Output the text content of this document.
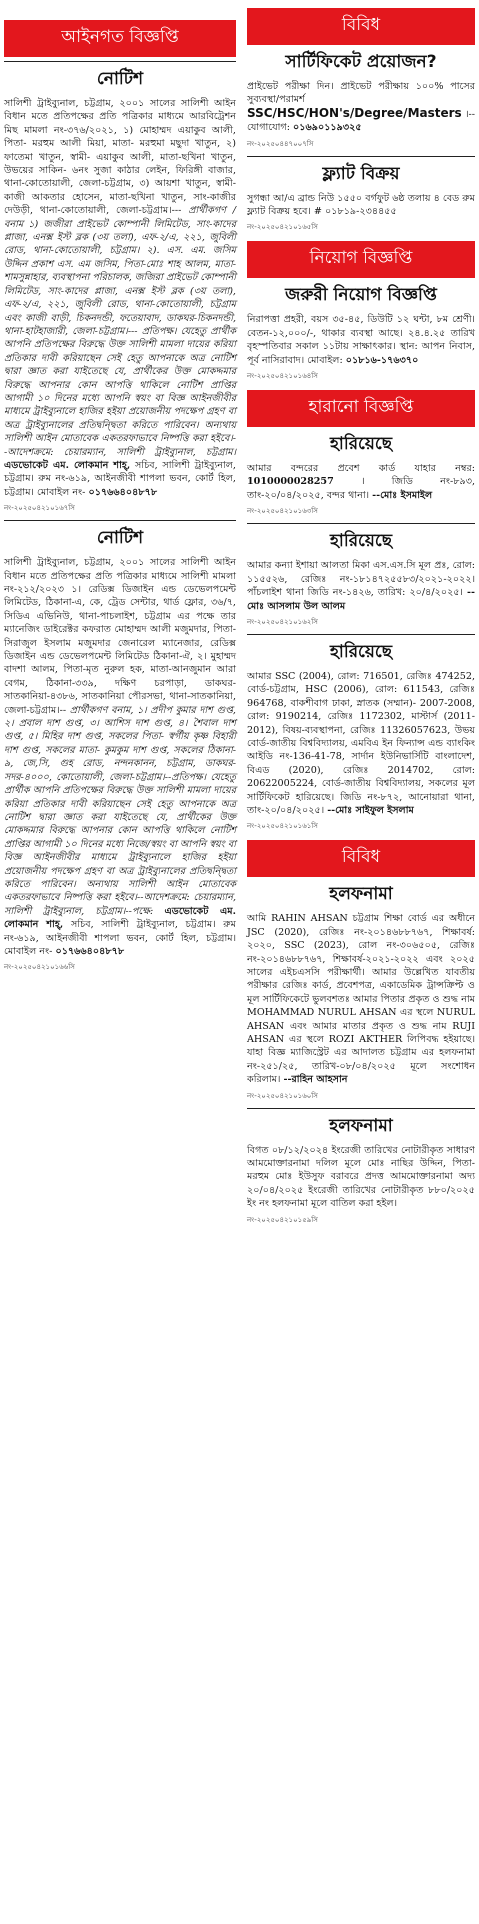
আইনগত বিজ্ঞপ্তি
নোটিশ

সালিশী ট্রাইব্যুনাল, চট্টগ্রাম, ২০০১ সালের সালিশী আইন বিধান মতে প্রতিপক্ষের প্রতি পত্রিকার মাধ্যমে আরবিট্রেশন মিছ মামলা নং-৩৭৬/২০২১, ১) মোহাম্মদ এয়াকুব আলী, পিতা- মরহুম আলী মিয়া, মাতা- মরহুমা মছুদা খাতুন, ২) ফাতেমা খাতুন, স্বামী- এয়াকুব আলী, মাতা-ছখিনা খাতুন, উভয়ের সাকিন- ৬নং সুজা কাঠার লেইন, ফিরিঙ্গী বাজার, থানা-কোতোয়ালী, জেলা-চট্টগ্রাম, ৩) আয়শা খাতুন, স্বামী- কাজী আকতার হোসেন, মাতা-ছখিনা খাতুন, সাং-কাজীর দেউড়ী, থানা-কোতোয়ালী, জেলা-চট্টগ্রাম।--- প্রার্থীকগণ / বনাম ১) জজীরা প্রাইভেট কোম্পানী লিমিটেড, সাং-কাদের প্লাজা, এনক্স ইস্ট ব্লক (৩য় তলা), এফ-২/এ, ২২১, জুবিলী রোড, থানা-কোতোয়ালী, চট্টগ্রাম। ২). এস. এম. জসিম উদ্দিন প্রকাশ এস. এম জসিম, পিতা-মোঃ শাহ আলম, মাতা-শামসুন্নাহার, ব্যবস্থাপনা পরিচালক, জজিরা প্রাইভেট কোম্পানী লিমিটেড, সাং-কাদের প্লাজা, এনক্স ইস্ট ব্লক (৩য় তলা), এফ-২/এ, ২২১, জুবিলী রোড, থানা-কোতোয়ালী, চট্টগ্রাম এবং কাজী বাড়ী, চিকনদন্ডী, ফতেয়াবাদ, ডাকঘর-চিকনদন্ডী, থানা-হাটহাজারী, জেলা-চট্টগ্রাম।--- প্রতিপক্ষ। যেহেতু প্রার্থীক আপনি প্রতিপক্ষের বিরুদ্ধে উক্ত সালিশী মামলা দায়ের করিয়া প্রতিকার দাবী করিয়াছেন সেই হেতু আপনাকে অত্র নোটিশ দ্বারা জ্ঞাত করা যাইতেছে যে, প্রার্থীকের উক্ত মোকদ্দমার বিরুদ্ধে আপনার কোন আপত্তি থাকিলে নোটিশ প্রাপ্তির আগামী ১০ দিনের মধ্যে আপনি স্বয়ং বা বিজ্ঞ আইনজীবীর মাধ্যমে ট্রাইব্যুনালে হাজির হইয়া প্রয়োজনীয় পদক্ষেপ গ্রহণ বা অত্র ট্রাইব্যুনালের প্রতিদ্বন্দ্বিতা করিতে পারিবেন। অন্যথায় সালিশী আইন মোতাবেক একতরফাভাবে নিষ্পত্তি করা হইবে।--আদেশক্রমে: চেয়ারম্যান, সালিশী ট্রাইব্যুনাল, চট্টগ্রাম। এডভোকেট এম. লোকমান শাহ্, সচিব, সালিশী ট্রাইব্যুনাল, চট্টগ্রাম। রুম নং-৬১৯, আইনজীবী শাপলা ভবন, কোর্ট হিল, চট্টগ্রাম। মোবাইল নং- ০১৭৬৬৪০৪৮৭৮

নং-২০২৫০৪২১০১৬৭সি
নোটিশ

সালিশী ট্রাইব্যুনাল, চট্টগ্রাম, ২০০১ সালের সালিশী আইন বিধান মতে প্রতিপক্ষের প্রতি পত্রিকার মাধ্যমে সালিশী মামলা নং-২১২/২০২৩ ১। রেডিক্স ডিজাইন এন্ড ডেভেলপমেন্ট লিমিটেড, ঠিকানা-এ, কে, ট্রেড সেন্টার, থার্ড ফ্লোর, ৩৬/৭, সিডিএ এভিনিউ, থানা-পাচলাইশ, চট্টগ্রাম এর পক্ষে তার ম্যানেজিং ডাইরেক্টর কফরাত মোহাম্মদ আলী মজুমদার, পিতা-সিরাজুল ইসলাম মজুমদার জেনারেল ম্যানেজার, রেডিক্স ডিজাইন এন্ড ডেভেলপমেন্ট লিমিটেড ঠিকানা-ঐ, ২। মুহাম্মদ বাদশা আলম, পিতা-মৃত নুরুল হক, মাতা-আনজুমান আরা বেগম, ঠিকানা-৩৩৯, দক্ষিণ চরপাড়া, ডাকঘর-সাতকানিয়া-৪৩৮৬, সাতকানিয়া পৌরসভা, থানা-সাতকানিয়া, জেলা-চট্টগ্রাম।-- প্রার্থীকগণ বনাম, ১। প্রদীপ কুমার দাশ গুপ্ত, ২। প্রবাল দাশ গুপ্ত, ৩। আশিস দাশ গুপ্ত, ৪। শৈবাল দাশ গুপ্ত, ৫। মিহির দাশ গুপ্ত, সকলের পিতা- স্বর্গীয় কৃষ্ণ বিহারী দাশ গুপ্ত, সকলের মাতা- কুমকুম দাশ গুপ্ত, সকলের ঠিকানা- ৯, জে,সি, গুহ রোড, নন্দনকানন, চট্টগ্রাম, ডাকঘর-সদর-৪০০০, কোতোয়ালী, জেলা-চট্টগ্রাম।--প্রতিপক্ষ। যেহেতু প্রার্থীক আপনি প্রতিপক্ষের বিরুদ্ধে উক্ত সালিশী মামলা দায়ের করিয়া প্রতিকার দাবী করিয়াছেন সেই হেতু আপনাকে অত্র নোটিশ দ্বারা জ্ঞাত করা যাইতেছে যে, প্রার্থীকের উক্ত মোকদ্দমার বিরুদ্ধে আপনার কোন আপত্তি থাকিলে নোটিশ প্রাপ্তির আগামী ১০ দিনের মধ্যে নিজে/স্বয়ং বা আপনি স্বয়ং বা বিজ্ঞ আইনজীবীর মাধ্যমে ট্রাইব্যুনালে হাজির হইয়া প্রয়োজনীয় পদক্ষেপ গ্রহণ বা অত্র ট্রাইব্যুনালের প্রতিদ্বন্দ্বিতা করিতে পারিবেন। অন্যথায় সালিশী আইন মোতাবেক একতরফাভাবে নিষ্পত্তি করা হইবে।--আদেশক্রমে: চেয়ারম্যান, সালিশী ট্রাইব্যুনাল, চট্টগ্রাম।--পক্ষে: এডভোকেট এম. লোকমান শাহ্, সচিব, সালিশী ট্রাইব্যুনাল, চট্টগ্রাম। রুম নং-৬১৯, আইনজীবী শাপলা ভবন, কোর্ট হিল, চট্টগ্রাম। মোবাইল নং- ০১৭৬৬৪০৪৮৭৮

নং-২০২৫০৪২১০১৬৬সি
বিবিধ
সার্টিফিকেট প্রয়োজন?

প্রাইভেট পরীক্ষা দিন। প্রাইভেট পরীক্ষায় ১০০% পাসের সুব্যবস্থা/পরামর্শ SSC/HSC/HON's/Degree/Masters ।--যোগাযোগ: ০১৬৯০১১৯৩২৫

নং-২০২৫০৪৪৭০০৭সি
ফ্ল্যাট বিক্রয়

সুগন্ধা আ/এ ব্রান্ড নিউ ১৫৫০ বর্গফুট ৬ষ্ঠ তলায় ৪ বেড রুম ফ্ল্যাট বিক্রয় হবে। # ০১৮১৯-২৩৪৪৫৫

নং-২০২৫০৪২১০১৬৫সি
নিয়োগ বিজ্ঞপ্তি
জরুরী নিয়োগ বিজ্ঞপ্তি

নিরাপত্তা প্রহরী, বয়স ৩৫-৪৫, ডিউটি ১২ ঘন্টা, ৮ম শ্রেণী। বেতন-১২,০০০/-, থাকার ব্যবস্থা আছে। ২৪.৪.২৫ তারিখ বৃহস্পতিবার সকাল ১১টায় সাক্ষাৎকার। স্থান: আপন নিবাস, পূর্ব নাসিরাবাদ। মোবাইল: ০১৮১৬-১৭৬৩৭০

নং-২০২৫০৪২১০১৬৪সি
হারানো বিজ্ঞপ্তি
হারিয়েছে

আমার বন্দরের প্রবেশ কার্ড যাহার নম্বর: 1010000028257	। জিডি নং-৮৯৩, তাং-২০/০৪/২০২৫, বন্দর থানা। --মোঃ ইসমাইল

নং-২০২৫০৪২১০১৬৩সি
হারিয়েছে

আমার কন্যা ইশায়া আলতা মিকা এস.এস.সি মূল প্রঃ, রোল: ১১৫৫২৬, রেজিঃ নং-১৮১৪৭২৫৫৮৩/২০২১-২০২২। পাঁচলাইশ থানা জিডি নং-১৪২৬, তারিখ: ২০/৪/২০২৫। --মোঃ আসলাম উল আলম

নং-২০২৫০৪২১০১৬২সি
হারিয়েছে

আমার SSC (2004), রোল: 716501, রেজিঃ 474252, বোর্ড-চট্টগ্রাম, HSC (2006), রোল: 611543, রেজিঃ 964768, বাকশীবাগ ঢাকা, স্নাতক (সম্মান)- 2007-2008, রোল: 9190214, রেজিঃ 1172302, মাস্টার্স (2011-2012), বিষয়-ব্যবস্থাপনা, রেজিঃ 11326057623, উভয় বোর্ড-জাতীয় বিশ্ববিদ্যালয়, এমবিএ ইন ফিন্যান্স এন্ড ব্যাংকিং আইডি নং-136-41-78, সার্দান ইউনিভার্সিটি বাংলাদেশ, বিএড (2020), রেজিঃ 2014702, রোল: 20622005224, বোর্ড-জাতীয় বিশ্ববিদ্যালয়, সকলের মূল সার্টিফিকেট হারিয়েছে। জিডি নং-৮৭২, আনোয়ারা থানা, তাং-২০/০৪/২০২৫। --মোঃ সাইফুল ইসলাম

নং-২০২৫০৪২১০১৬১সি
বিবিধ
হলফনামা

আমি RAHIN AHSAN চট্টগ্রাম শিক্ষা বোর্ড এর অধীনে JSC (2020), রেজিঃ নং-২০১৪৬৮৮৭৬৭, শিক্ষাবর্ষ: ২০২০, SSC (2023), রোল নং-৩০৬৫০৫, রেজিঃ নং-২০১৪৬৮৮৭৬৭, শিক্ষাবর্ষ-২০২১-২০২২ এবং ২০২৫ সালের এইচএসসি পরীক্ষার্থী। আমার উল্লেখিত যাবতীয় পরীক্ষার রেজিঃ কার্ড, প্রবেশপত্র, একাডেমিক ট্রান্সক্রিপ্ট ও মূল সার্টিফিকেটে ভুলবশতঃ আমার পিতার প্রকৃত ও শুদ্ধ নাম MOHAMMAD NURUL AHSAN এর স্থলে NURUL AHSAN এবং আমার মাতার প্রকৃত ও শুদ্ধ নাম RUJI AHSAN এর স্থলে ROZI AKTHER লিপিবদ্ধ হইয়াছে। যাহা বিজ্ঞ ম্যাজিস্ট্রেট এর আদালত চট্টগ্রাম এর হলফনামা নং-২৫১/২৫, তারিখ-০৮/০৪/২০২৫ মূলে সংশোধন করিলাম। --রাহিন আহসান

নং-২০২৫০৪২১০১৬০সি
হলফনামা

বিগত ০৮/১২/২০২৪ ইংরেজী তারিখের নোটারীকৃত সাধারণ আমমোক্তারনামা দলিল মূলে মোঃ নাছির উদ্দিন, পিতা-মরহুম মোঃ ইউসুফ বরাবরে প্রদত্ত আমমোক্তারনামা অদ্য ২০/০৪/২০২৫ ইংরেজী তারিখের নোটারীকৃত ৮৮০/২০২৫ ইং নং হলফনামা মূলে বাতিল করা হইল।

নং-২০২৫০৪২১০১৫৯সি
